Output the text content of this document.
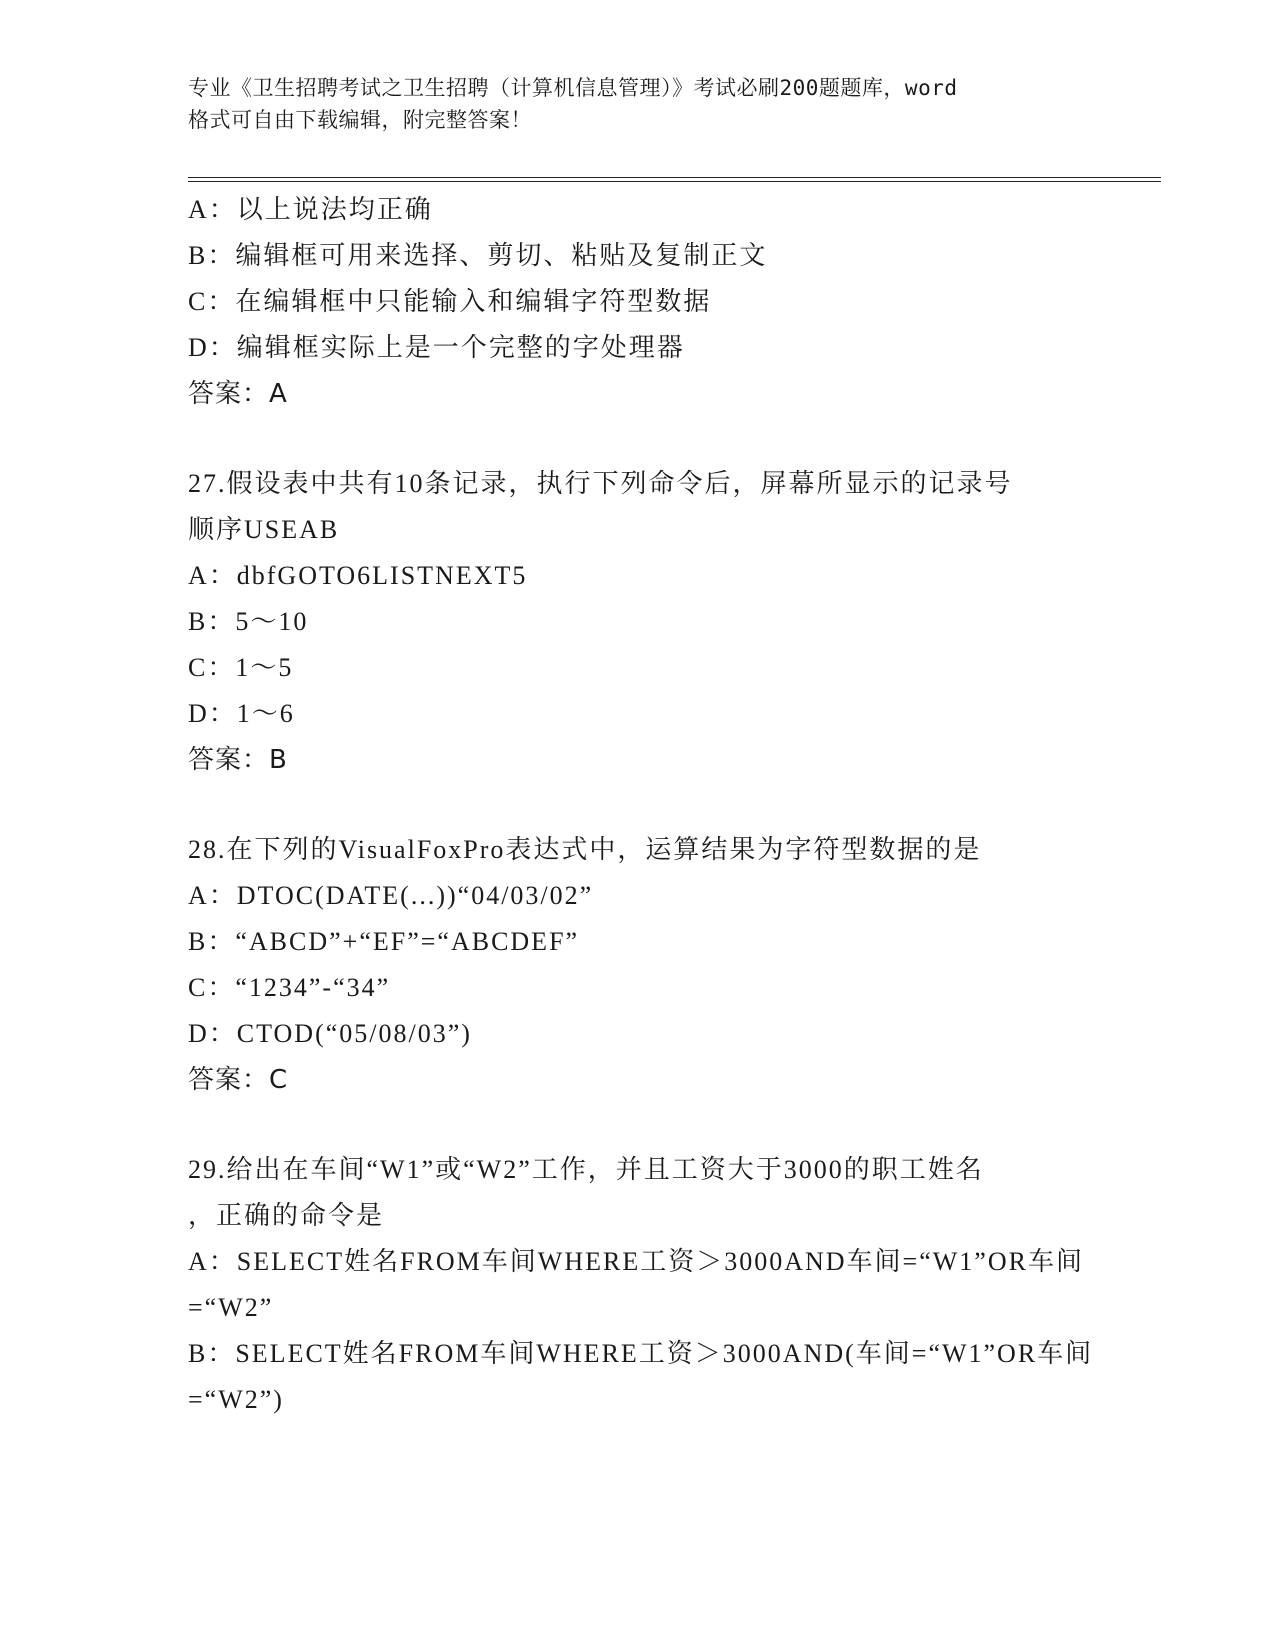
专业《卫生招聘考试之卫生招聘（计算机信息管理）》考试必刷200题题库，word
格式可自由下载编辑，附完整答案！
A：以上说法均正确
B：编辑框可用来选择、剪切、粘贴及复制正文
C：在编辑框中只能输入和编辑字符型数据
D：编辑框实际上是一个完整的字处理器
答案：A
27.假设表中共有10条记录，执行下列命令后，屏幕所显示的记录号
顺序USEAB
A：dbfGOTO6LISTNEXT5
B：5～10
C：1～5
D：1～6
答案：B
28.在下列的VisualFoxPro表达式中，运算结果为字符型数据的是
A：DTOC(DATE(...))“04/03/02”
B：“ABCD”+“EF”=“ABCDEF”
C：“1234”-“34”
D：CTOD(“05/08/03”)
答案：C
29.给出在车间“W1”或“W2”工作，并且工资大于3000的职工姓名
，正确的命令是
A：SELECT姓名FROM车间WHERE工资＞3000AND车间=“W1”OR车间
=“W2”
B：SELECT姓名FROM车间WHERE工资＞3000AND(车间=“W1”OR车间
=“W2”)
